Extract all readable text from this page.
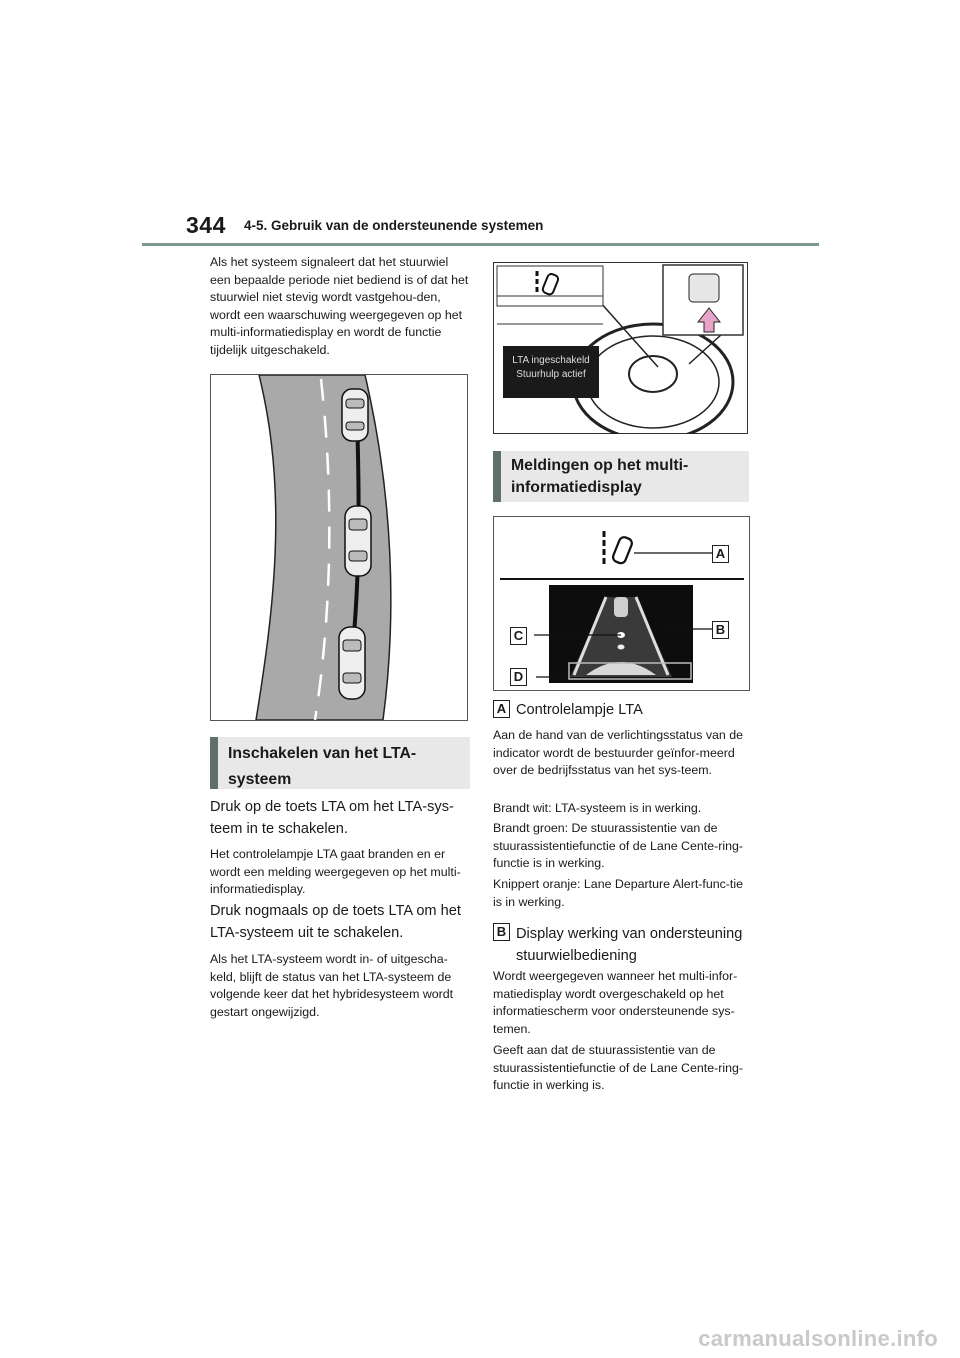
344 4-5. Gebruik van de ondersteunende systemen

Als het systeem signaleert dat het stuurwiel een bepaalde periode niet bediend is of dat het stuurwiel niet stevig wordt vastgehou-den, wordt een waarschuwing weergegeven op het multi-informatiedisplay en wordt de functie tijdelijk uitgeschakeld.

Inschakelen van het LTA-systeem

Druk op de toets LTA om het LTA-sys-teem in te schakelen.

Het controlelampje LTA gaat branden en er wordt een melding weergegeven op het multi-informatiedisplay.

Druk nogmaals op de toets LTA om het LTA-systeem uit te schakelen.

Als het LTA-systeem wordt in- of uitgescha-keld, blijft de status van het LTA-systeem de volgende keer dat het hybridesysteem wordt gestart ongewijzigd.

LTA ingeschakeld
Stuurhulp actief
Meldingen op het multi-informatiedisplay
A
B
C
D
A Controlelampje LTA

Aan de hand van de verlichtingsstatus van de indicator wordt de bestuurder geïnfor-meerd over de bedrijfsstatus van het sys-teem.

Brandt wit: LTA-systeem is in werking.

Brandt groen: De stuurassistentie van de stuurassistentiefunctie of de Lane Cente-ring-functie is in werking.

Knippert oranje: Lane Departure Alert-func-tie is in werking.

B Display werking van ondersteuning stuurwielbediening

Wordt weergegeven wanneer het multi-infor-matiedisplay wordt overgeschakeld op het informatiescherm voor ondersteunende sys-temen.

Geeft aan dat de stuurassistentie van de stuurassistentiefunctie of de Lane Cente-ring-functie in werking is.

carmanualsonline.info
